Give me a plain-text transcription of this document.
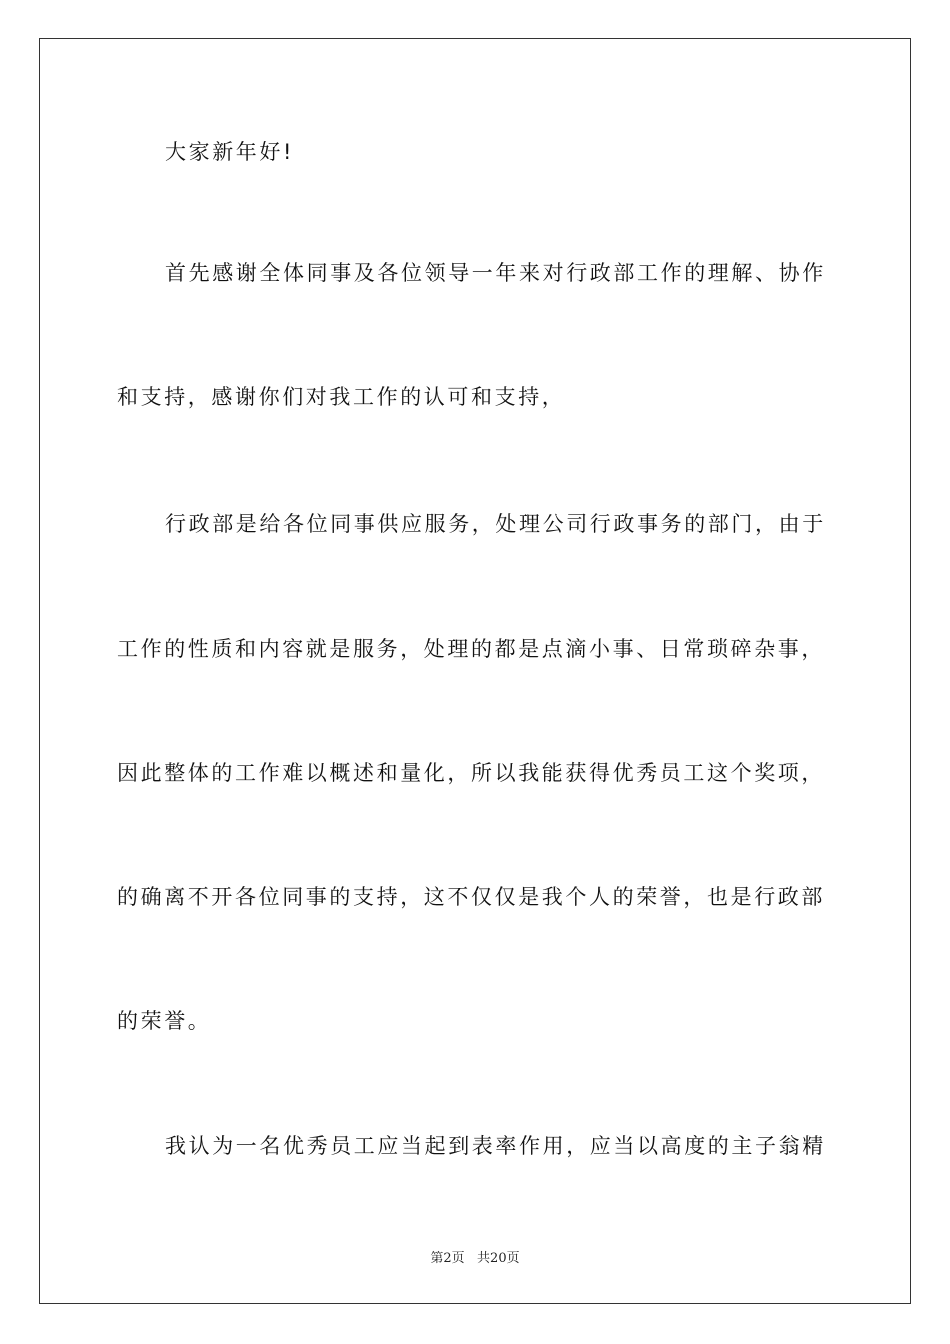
大家新年好!
首先感谢全体同事及各位领导一年来对行政部工作的理解、协作
和支持，感谢你们对我工作的认可和支持，
行政部是给各位同事供应服务，处理公司行政事务的部门，由于
工作的性质和内容就是服务，处理的都是点滴小事、日常琐碎杂事，
因此整体的工作难以概述和量化，所以我能获得优秀员工这个奖项，
的确离不开各位同事的支持，这不仅仅是我个人的荣誉，也是行政部
的荣誉。
我认为一名优秀员工应当起到表率作用，应当以高度的主子翁精
第2页   共20页
